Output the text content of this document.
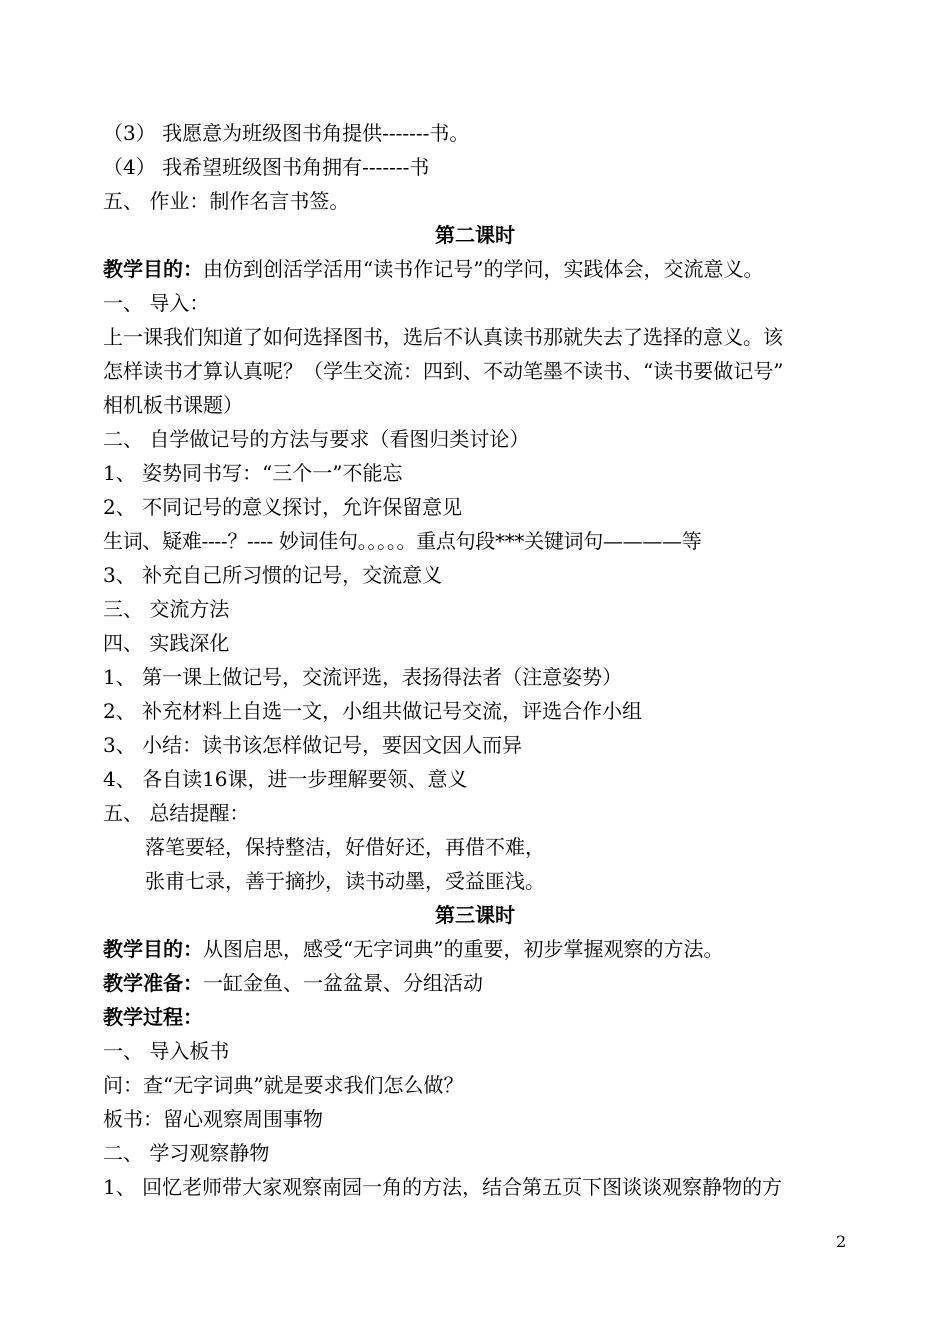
（3） 我愿意为班级图书角提供-------书。
（4） 我希望班级图书角拥有-------书
五、 作业：制作名言书签。
第二课时
教学目的：由仿到创活学活用“读书作记号”的学问，实践体会，交流意义。
一、 导入：
上一课我们知道了如何选择图书，选后不认真读书那就失去了选择的意义。该
怎样读书才算认真呢？（学生交流：四到、不动笔墨不读书、“读书要做记号”
相机板书课题）
二、 自学做记号的方法与要求（看图归类讨论）
1、 姿势同书写：“三个一”不能忘
2、 不同记号的意义探讨，允许保留意见
生词、疑难----？---- 妙词佳句。。。。。重点句段***关键词句————等
3、 补充自己所习惯的记号，交流意义
三、 交流方法
四、 实践深化
1、 第一课上做记号，交流评选，表扬得法者（注意姿势）
2、 补充材料上自选一文，小组共做记号交流，评选合作小组
3、 小结：读书该怎样做记号，要因文因人而异
4、 各自读16课，进一步理解要领、意义
五、 总结提醒：
落笔要轻，保持整洁，好借好还，再借不难，
张甫七录，善于摘抄，读书动墨，受益匪浅。
第三课时
教学目的：从图启思，感受“无字词典”的重要，初步掌握观察的方法。
教学准备：一缸金鱼、一盆盆景、分组活动
教学过程：
一、 导入板书
问：查“无字词典”就是要求我们怎么做？
板书：留心观察周围事物
二、 学习观察静物
1、 回忆老师带大家观察南园一角的方法，结合第五页下图谈谈观察静物的方
2
